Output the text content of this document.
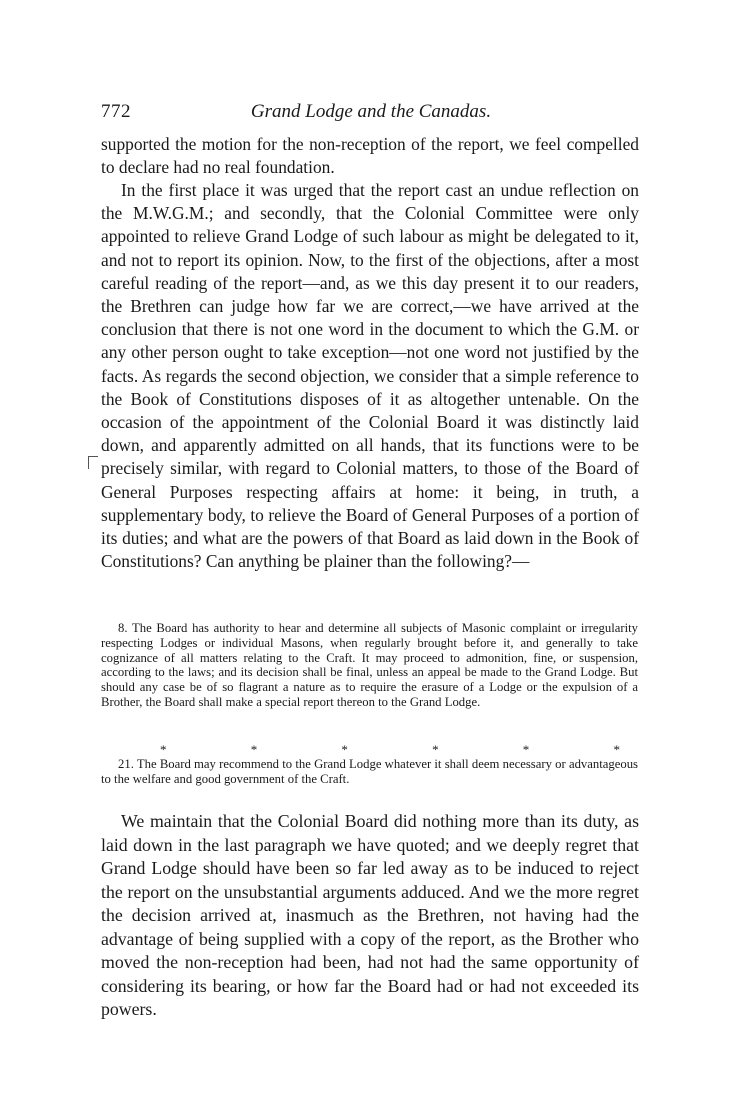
772	Grand Lodge and the Canadas.

supported the motion for the non-reception of the report, we feel compelled to declare had no real foundation.

In the first place it was urged that the report cast an undue reflection on the M.W.G.M.; and secondly, that the Colonial Committee were only appointed to relieve Grand Lodge of such labour as might be delegated to it, and not to report its opinion. Now, to the first of the objections, after a most careful reading of the report—and, as we this day present it to our readers, the Brethren can judge how far we are correct,—we have arrived at the conclusion that there is not one word in the document to which the G.M. or any other person ought to take exception—not one word not justified by the facts. As regards the second objection, we consider that a simple reference to the Book of Constitutions disposes of it as altogether untenable. On the occasion of the appointment of the Colonial Board it was distinctly laid down, and apparently admitted on all hands, that its functions were to be precisely similar, with regard to Colonial matters, to those of the Board of General Purposes respecting affairs at home: it being, in truth, a supplementary body, to relieve the Board of General Purposes of a portion of its duties; and what are the powers of that Board as laid down in the Book of Constitutions? Can anything be plainer than the following?—

8. The Board has authority to hear and determine all subjects of Masonic complaint or irregularity respecting Lodges or individual Masons, when regularly brought before it, and generally to take cognizance of all matters relating to the Craft. It may proceed to admonition, fine, or suspension, according to the laws; and its decision shall be final, unless an appeal be made to the Grand Lodge. But should any case be of so flagrant a nature as to require the erasure of a Lodge or the expulsion of a Brother, the Board shall make a special report thereon to the Grand Lodge.

*	*	*	*	*	*

21. The Board may recommend to the Grand Lodge whatever it shall deem necessary or advantageous to the welfare and good government of the Craft.

We maintain that the Colonial Board did nothing more than its duty, as laid down in the last paragraph we have quoted; and we deeply regret that Grand Lodge should have been so far led away as to be induced to reject the report on the unsubstantial arguments adduced. And we the more regret the decision arrived at, inasmuch as the Brethren, not having had the advantage of being supplied with a copy of the report, as the Brother who moved the non-reception had been, had not had the same opportunity of considering its bearing, or how far the Board had or had not exceeded its powers.
